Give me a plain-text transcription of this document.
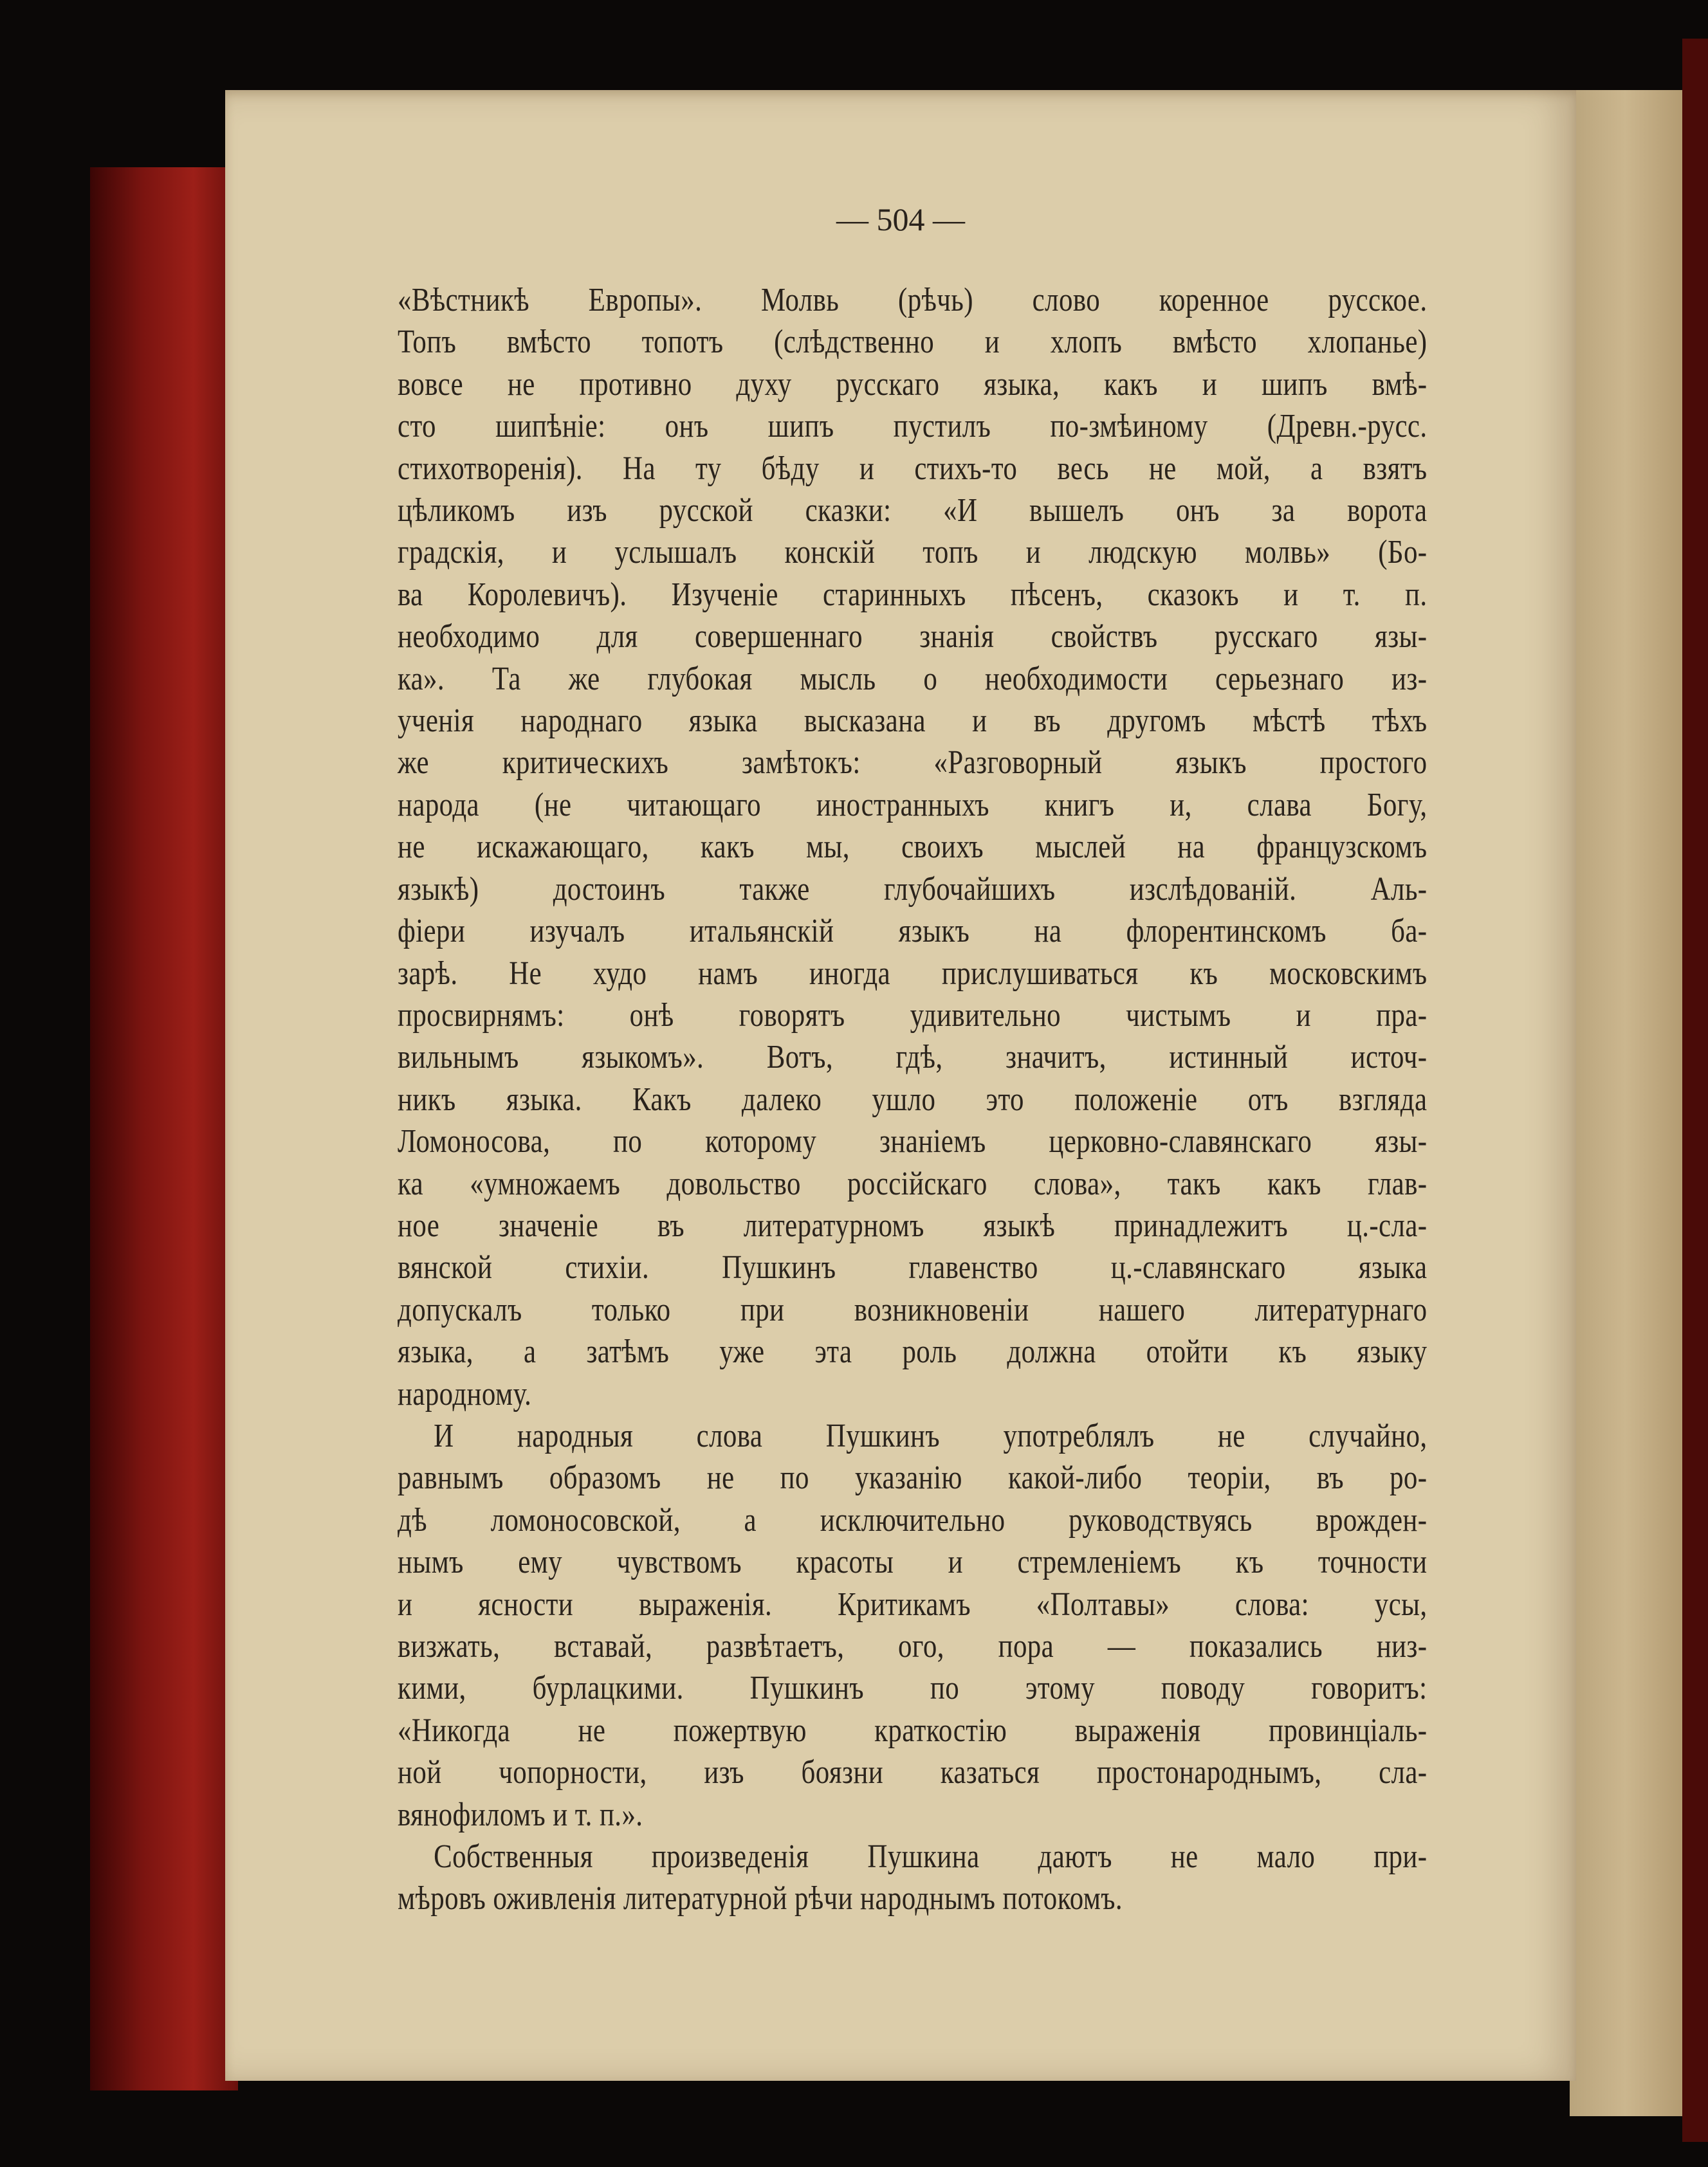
— 504 —
«Вѣстникѣ Европы». Молвь (рѣчь) слово коренное русское.
Топъ вмѣсто топотъ (слѣдственно и хлопъ вмѣсто хлопанье)
вовсе не противно духу русскаго языка, какъ и шипъ вмѣ-
сто шипѣніе: онъ шипъ пустилъ по-змѣиному (Древн.-русс.
стихотворенія). На ту бѣду и стихъ-то весь не мой, а взятъ
цѣликомъ изъ русской сказки: «И вышелъ онъ за ворота
градскія, и услышалъ конскій топъ и людскую молвь» (Бо-
ва Королевичъ). Изученіе старинныхъ пѣсенъ, сказокъ и т. п.
необходимо для совершеннаго знанія свойствъ русскаго язы-
ка». Та же глубокая мысль о необходимости серьезнаго из-
ученія народнаго языка высказана и въ другомъ мѣстѣ тѣхъ
же критическихъ замѣтокъ: «Разговорный языкъ простого
народа (не читающаго иностранныхъ книгъ и, слава Богу,
не искажающаго, какъ мы, своихъ мыслей на французскомъ
языкѣ) достоинъ также глубочайшихъ изслѣдованій. Аль-
фіери изучалъ итальянскій языкъ на флорентинскомъ ба-
зарѣ. Не худо намъ иногда прислушиваться къ московскимъ
просвирнямъ: онѣ говорятъ удивительно чистымъ и пра-
вильнымъ языкомъ». Вотъ, гдѣ, значитъ, истинный источ-
никъ языка. Какъ далеко ушло это положеніе отъ взгляда
Ломоносова, по которому знаніемъ церковно-славянскаго язы-
ка «умножаемъ довольство россійскаго слова», такъ какъ глав-
ное значеніе въ литературномъ языкѣ принадлежитъ ц.-сла-
вянской стихіи. Пушкинъ главенство ц.-славянскаго языка
допускалъ только при возникновеніи нашего литературнаго
языка, а затѣмъ уже эта роль должна отойти къ языку
народному.
И народныя слова Пушкинъ употреблялъ не случайно,
равнымъ образомъ не по указанію какой-либо теоріи, въ ро-
дѣ ломоносовской, а исключительно руководствуясь врожден-
нымъ ему чувствомъ красоты и стремленіемъ къ точности
и ясности выраженія. Критикамъ «Полтавы» слова: усы,
визжать, вставай, развѣтаетъ, ого, пора — показались низ-
кими, бурлацкими. Пушкинъ по этому поводу говоритъ:
«Никогда не пожертвую краткостію выраженія провинціаль-
ной чопорности, изъ боязни казаться простонароднымъ, сла-
вянофиломъ и т. п.».
Собственныя произведенія Пушкина даютъ не мало при-
мѣровъ оживленія литературной рѣчи народнымъ потокомъ.
